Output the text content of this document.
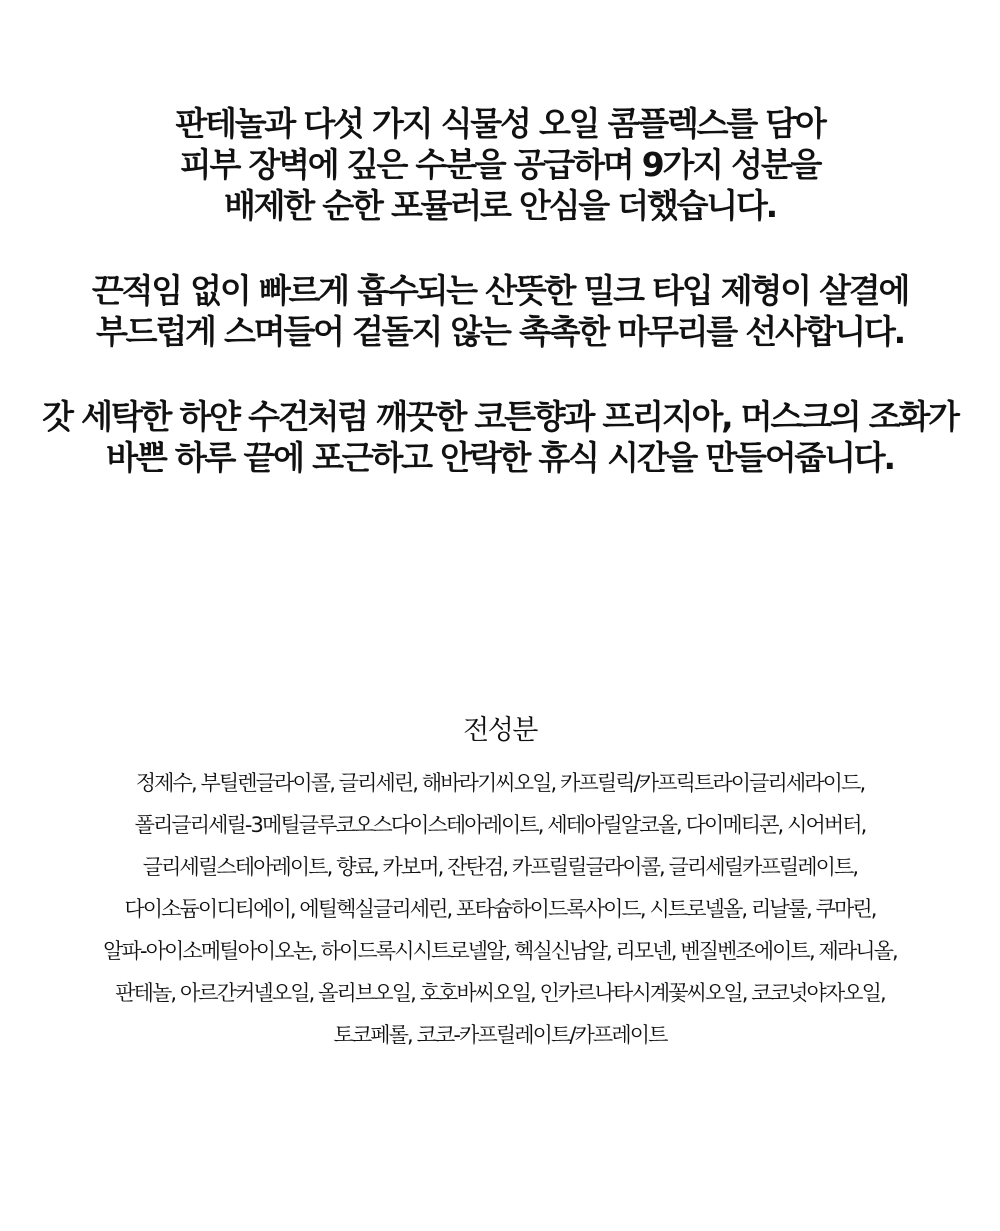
판테놀과 다섯 가지 식물성 오일 콤플렉스를 담아
피부 장벽에 깊은 수분을 공급하며 9가지 성분을
배제한 순한 포뮬러로 안심을 더했습니다.

끈적임 없이 빠르게 흡수되는 산뜻한 밀크 타입 제형이 살결에
부드럽게 스며들어 겉돌지 않는 촉촉한 마무리를 선사합니다.

갓 세탁한 하얀 수건처럼 깨끗한 코튼향과 프리지아, 머스크의 조화가
바쁜 하루 끝에 포근하고 안락한 휴식 시간을 만들어줍니다.

전성분
정제수, 부틸렌글라이콜, 글리세린, 해바라기씨오일, 카프릴릭/카프릭트라이글리세라이드,
폴리글리세릴-3메틸글루코오스다이스테아레이트, 세테아릴알코올, 다이메티콘, 시어버터,
글리세릴스테아레이트, 향료, 카보머, 잔탄검, 카프릴릴글라이콜, 글리세릴카프릴레이트,
다이소듐이디티에이, 에틸헥실글리세린, 포타슘하이드록사이드, 시트로넬올, 리날룰, 쿠마린,
알파-아이소메틸아이오논, 하이드록시시트로넬알, 헥실신남알, 리모넨, 벤질벤조에이트, 제라니올,
판테놀, 아르간커넬오일, 올리브오일, 호호바씨오일, 인카르나타시계꽃씨오일, 코코넛야자오일,
토코페롤, 코코-카프릴레이트/카프레이트
